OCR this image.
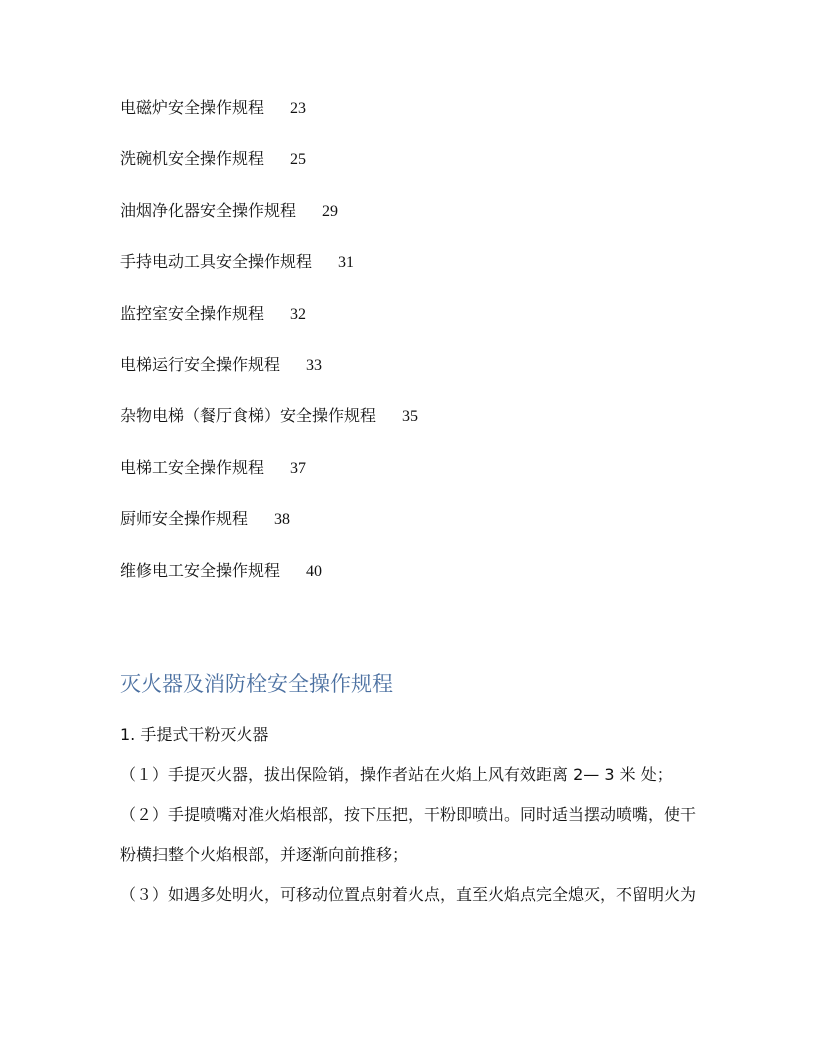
电磁炉安全操作规程 23
洗碗机安全操作规程 25
油烟净化器安全操作规程 29
手持电动工具安全操作规程 31
监控室安全操作规程 32
电梯运行安全操作规程 33
杂物电梯（餐厅食梯）安全操作规程 35
电梯工安全操作规程 37
厨师安全操作规程 38
维修电工安全操作规程 40
灭火器及消防栓安全操作规程
1. 手提式干粉灭火器
（１）手提灭火器，拔出保险销，操作者站在火焰上风有效距离 2— 3 米 处；
（２）手提喷嘴对准火焰根部，按下压把，干粉即喷出。同时适当摆动喷嘴，使干粉横扫整个火焰根部，并逐渐向前推移；
（３）如遇多处明火，可移动位置点射着火点，直至火焰点完全熄灭，不留明火为
